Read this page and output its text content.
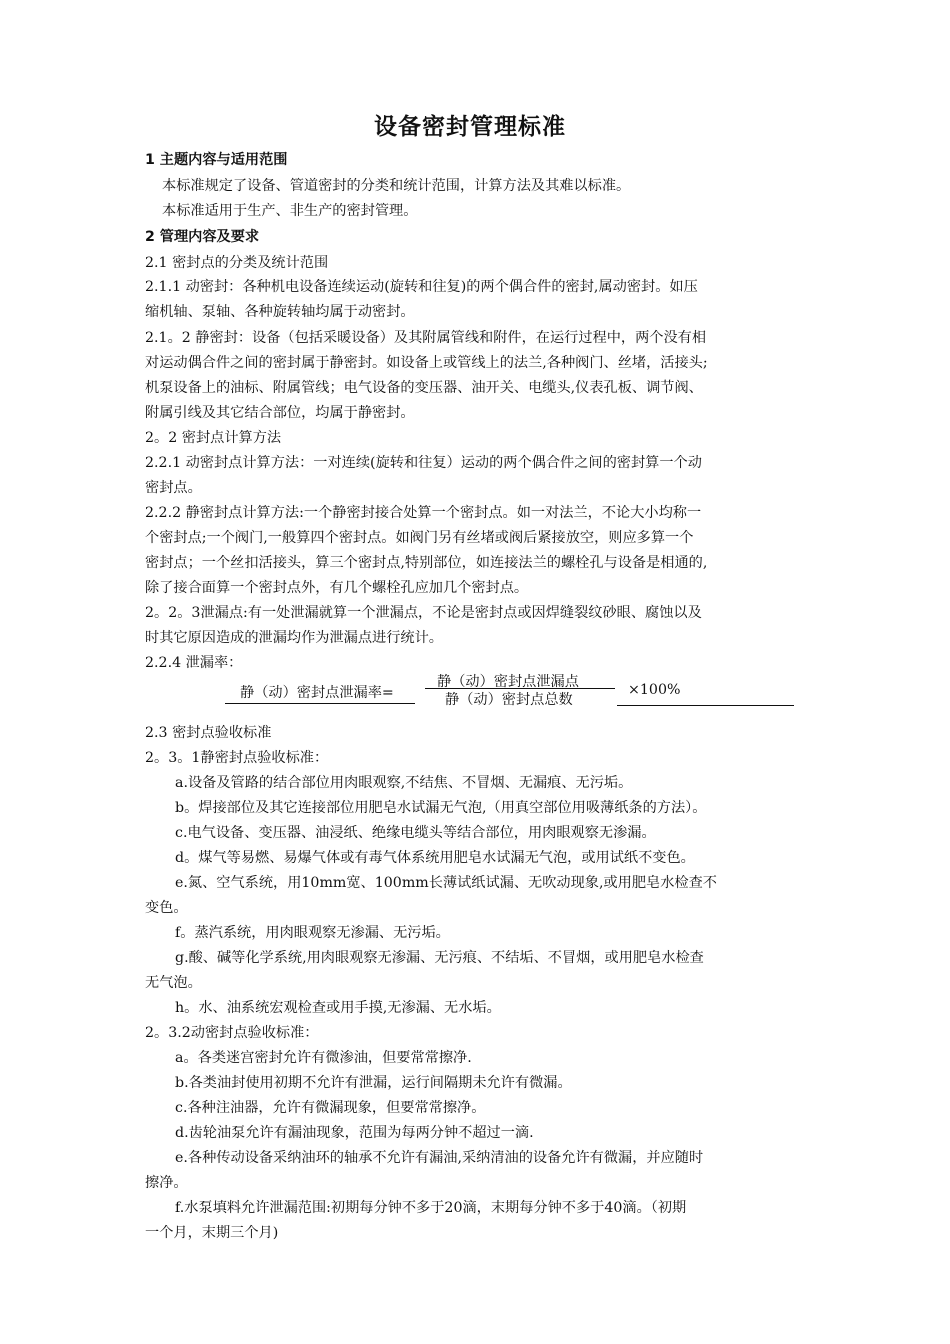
设备密封管理标准
1 主题内容与适用范围
本标准规定了设备、管道密封的分类和统计范围，计算方法及其难以标准。
本标准适用于生产、非生产的密封管理。
2 管理内容及要求
2.1 密封点的分类及统计范围
2.1.1 动密封：各种机电设备连续运动(旋转和往复)的两个偶合件的密封,属动密封。如压
缩机轴、泵轴、各种旋转轴均属于动密封。
2.1。2 静密封：设备（包括采暖设备）及其附属管线和附件，在运行过程中，两个没有相
对运动偶合件之间的密封属于静密封。如设备上或管线上的法兰,各种阀门、丝堵，活接头;
机泵设备上的油标、附属管线；电气设备的变压器、油开关、电缆头,仪表孔板、调节阀、
附属引线及其它结合部位，均属于静密封。
2。2 密封点计算方法
2.2.1 动密封点计算方法：一对连续(旋转和往复）运动的两个偶合件之间的密封算一个动
密封点。
2.2.2 静密封点计算方法:一个静密封接合处算一个密封点。如一对法兰，不论大小均称一
个密封点;一个阀门,一般算四个密封点。如阀门另有丝堵或阀后紧接放空，则应多算一个
密封点；一个丝扣活接头，算三个密封点,特别部位，如连接法兰的螺栓孔与设备是相通的,
除了接合面算一个密封点外，有几个螺栓孔应加几个密封点。
2。2。3泄漏点:有一处泄漏就算一个泄漏点，不论是密封点或因焊缝裂纹砂眼、腐蚀以及
时其它原因造成的泄漏均作为泄漏点进行统计。
2.2.4 泄漏率：
静（动）密封点泄漏率=
静（动）密封点泄漏点
静（动）密封点总数
×100%
2.3 密封点验收标准
2。3。1静密封点验收标准：
a.设备及管路的结合部位用肉眼观察,不结焦、不冒烟、无漏痕、无污垢。
b。焊接部位及其它连接部位用肥皂水试漏无气泡,（用真空部位用吸薄纸条的方法）。
c.电气设备、变压器、油浸纸、绝缘电缆头等结合部位，用肉眼观察无渗漏。
d。煤气等易燃、易爆气体或有毒气体系统用肥皂水试漏无气泡，或用试纸不变色。
e.氮、空气系统，用10mm宽、100mm长薄试纸试漏、无吹动现象,或用肥皂水检查不
变色。
f。蒸汽系统，用肉眼观察无渗漏、无污垢。
g.酸、碱等化学系统,用肉眼观察无渗漏、无污痕、不结垢、不冒烟，或用肥皂水检查
无气泡。
h。水、油系统宏观检查或用手摸,无渗漏、无水垢。
2。3.2动密封点验收标准：
a。各类迷宫密封允许有微渗油，但要常常擦净.
b.各类油封使用初期不允许有泄漏，运行间隔期未允许有微漏。
c.各种注油器，允许有微漏现象，但要常常擦净。
d.齿轮油泵允许有漏油现象，范围为每两分钟不超过一滴.
e.各种传动设备采纳油环的轴承不允许有漏油,采纳清油的设备允许有微漏，并应随时
擦净。
f.水泵填料允许泄漏范围:初期每分钟不多于20滴，末期每分钟不多于40滴。（初期
一个月，末期三个月)
